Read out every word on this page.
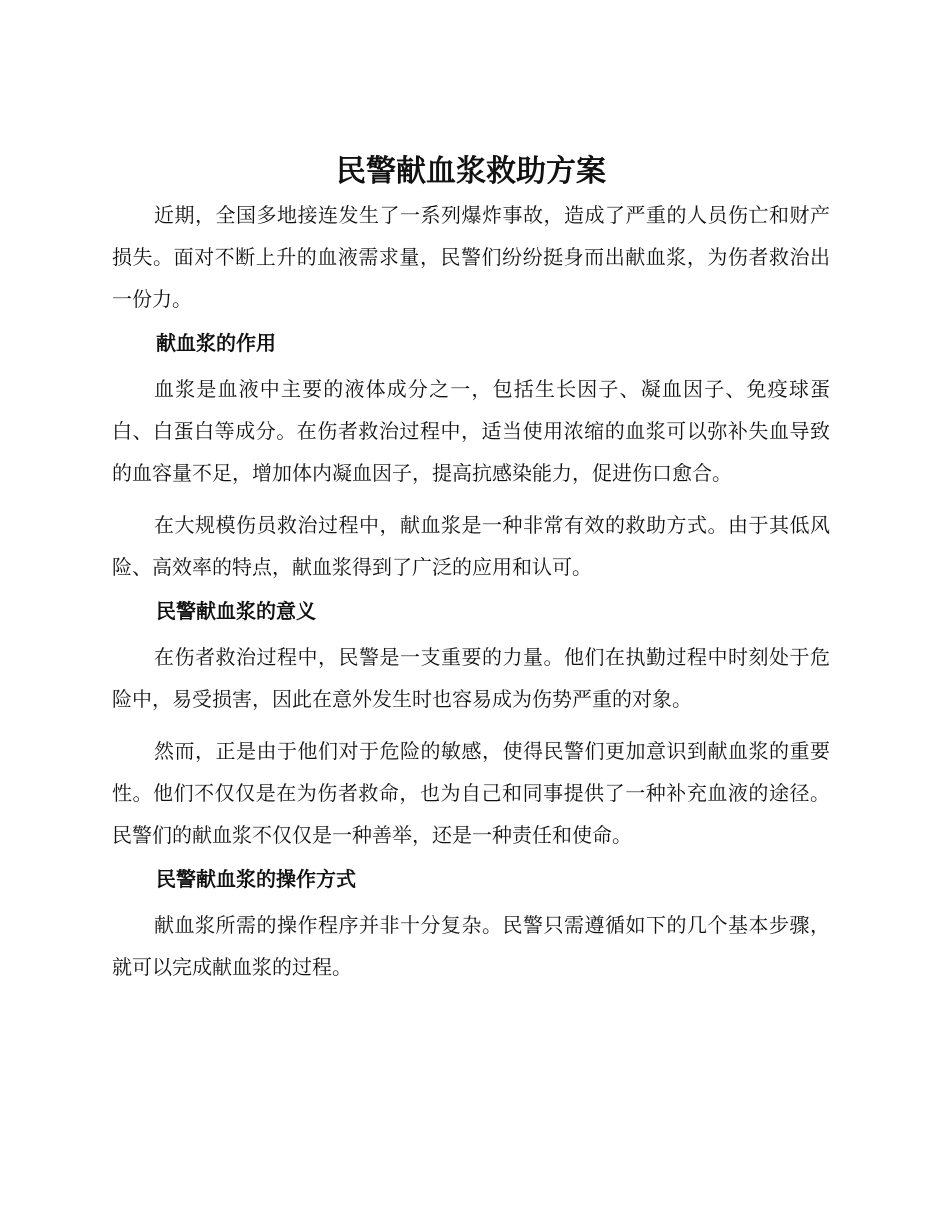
民警献血浆救助方案

近期，全国多地接连发生了一系列爆炸事故，造成了严重的人员伤亡和财产损失。面对不断上升的血液需求量，民警们纷纷挺身而出献血浆，为伤者救治出一份力。

献血浆的作用

血浆是血液中主要的液体成分之一，包括生长因子、凝血因子、免疫球蛋白、白蛋白等成分。在伤者救治过程中，适当使用浓缩的血浆可以弥补失血导致的血容量不足，增加体内凝血因子，提高抗感染能力，促进伤口愈合。

在大规模伤员救治过程中，献血浆是一种非常有效的救助方式。由于其低风险、高效率的特点，献血浆得到了广泛的应用和认可。

民警献血浆的意义

在伤者救治过程中，民警是一支重要的力量。他们在执勤过程中时刻处于危险中，易受损害，因此在意外发生时也容易成为伤势严重的对象。

然而，正是由于他们对于危险的敏感，使得民警们更加意识到献血浆的重要性。他们不仅仅是在为伤者救命，也为自己和同事提供了一种补充血液的途径。民警们的献血浆不仅仅是一种善举，还是一种责任和使命。

民警献血浆的操作方式

献血浆所需的操作程序并非十分复杂。民警只需遵循如下的几个基本步骤，就可以完成献血浆的过程。
